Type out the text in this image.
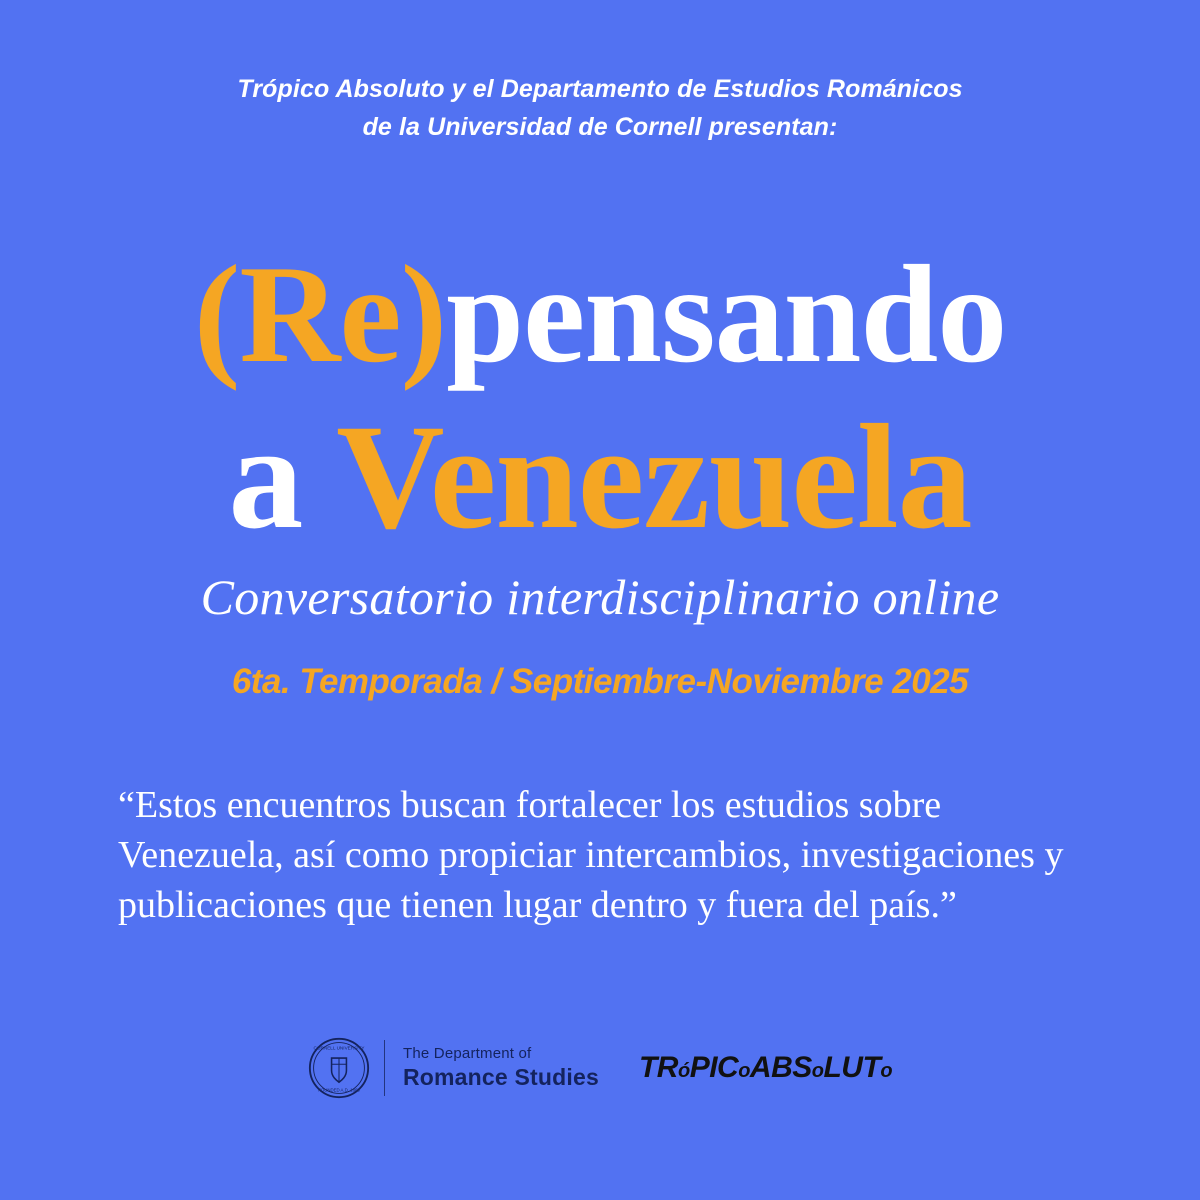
Trópico Absoluto y el Departamento de Estudios Románicos
de la Universidad de Cornell presentan:
(Re)pensando
a Venezuela
Conversatorio interdisciplinario online
6ta. Temporada / Septiembre-Noviembre 2025
“Estos encuentros buscan fortalecer los estudios sobre Venezuela, así como propiciar intercambios, investigaciones y publicaciones que tienen lugar dentro y fuera del país.”
CORNELL UNIVERSITY
FOUNDED A.D. 1865
The Department of
Romance Studies TRóPICoABSoLUTo
